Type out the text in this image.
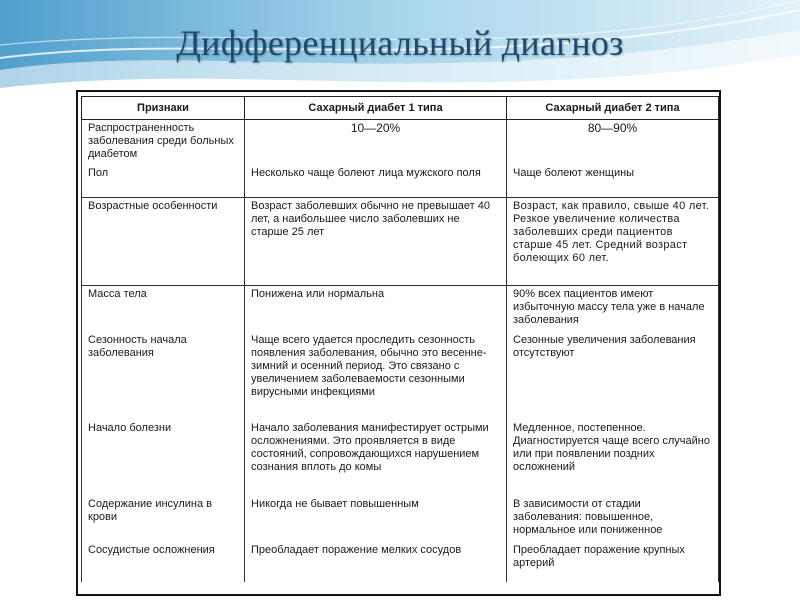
Дифференциальный диагноз
Признаки	Сахарный диабет 1 типа	Сахарный диабет 2 типа
Распространенность заболевания среди больных диабетом	10—20%	80—90%
Пол	Несколько чаще болеют лица мужского поля	Чаще болеют женщины
Возрастные особенности	Возраст заболевших обычно не превышает 40 лет, а наибольшее число заболевших не старше 25 лет	Возраст, как правило, свыше 40 лет. Резкое увеличение количества заболевших среди пациентов старше 45 лет. Средний возраст болеющих 60 лет.
Масса тела	Понижена или нормальна	90% всех пациентов имеют избыточную массу тела уже в начале заболевания
Сезонность начала заболевания	Чаще всего удается проследить сезонность появления заболевания, обычно это весенне-зимний и осенний период. Это связано с увеличением заболеваемости сезонными вирусными инфекциями	Сезонные увеличения заболевания отсутствуют
Начало болезни	Начало заболевания манифестирует острыми осложнениями. Это проявляется в виде состояний, сопровождающихся нарушением сознания вплоть до комы	Медленное, постепенное. Диагностируется чаще всего случайно или при появлении поздних осложнений
Содержание инсулина в крови	Никогда не бывает повышенным	В зависимости от стадии заболевания: повышенное, нормальное или пониженное
Сосудистые осложнения	Преобладает поражение мелких сосудов	Преобладает поражение крупных артерий
